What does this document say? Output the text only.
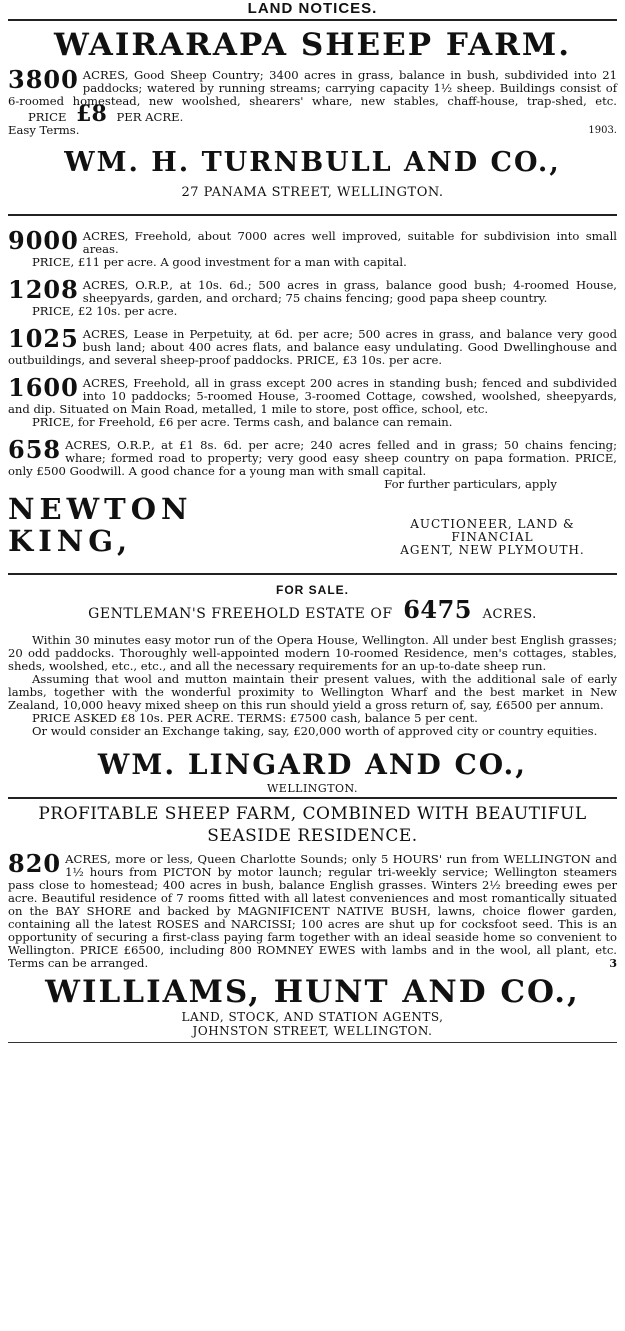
LAND NOTICES.
WAIRARAPA SHEEP FARM.
3800 ACRES, Good Sheep Country; 3400 acres in grass, balance in bush, subdivided into 21 paddocks; watered by running streams; carrying capacity 1½ sheep. Buildings consist of 6-roomed homestead, new woolshed, shearers' whare, new stables, chaff-house, trap-shed, etc. PRICE £8 PER ACRE.
Easy Terms.	1903.
WM. H. TURNBULL AND CO.,
27 PANAMA STREET, WELLINGTON.
9000 ACRES, Freehold, about 7000 acres well improved, suitable for subdivision into small areas.
PRICE, £11 per acre. A good investment for a man with capital.
1208 ACRES, O.R.P., at 10s. 6d.; 500 acres in grass, balance good bush; 4-roomed House, sheepyards, garden, and orchard; 75 chains fencing; good papa sheep country.
PRICE, £2 10s. per acre.
1025 ACRES, Lease in Perpetuity, at 6d. per acre; 500 acres in grass, and balance very good bush land; about 400 acres flats, and balance easy undulating. Good Dwellinghouse and outbuildings, and several sheep-proof paddocks. PRICE, £3 10s. per acre.
1600 ACRES, Freehold, all in grass except 200 acres in standing bush; fenced and subdivided into 10 paddocks; 5-roomed House, 3-roomed Cottage, cowshed, woolshed, sheepyards, and dip. Situated on Main Road, metalled, 1 mile to store, post office, school, etc.
PRICE, for Freehold, £6 per acre. Terms cash, and balance can remain.
658 ACRES, O.R.P., at £1 8s. 6d. per acre; 240 acres felled and in grass; 50 chains fencing; whare; formed road to property; very good easy sheep country on papa formation. PRICE, only £500 Goodwill. A good chance for a young man with small capital.
For further particulars, apply
NEWTON KING,	AUCTIONEER, LAND & FINANCIAL
AGENT, NEW PLYMOUTH.
FOR SALE.
GENTLEMAN'S FREEHOLD ESTATE OF 6475 ACRES.
Within 30 minutes easy motor run of the Opera House, Wellington. All under best English grasses; 20 odd paddocks. Thoroughly well-appointed modern 10-roomed Residence, men's cottages, stables, sheds, woolshed, etc., etc., and all the necessary requirements for an up-to-date sheep run.
Assuming that wool and mutton maintain their present values, with the additional sale of early lambs, together with the wonderful proximity to Wellington Wharf and the best market in New Zealand, 10,000 heavy mixed sheep on this run should yield a gross return of, say, £6500 per annum.
PRICE ASKED £8 10s. PER ACRE. TERMS: £7500 cash, balance 5 per cent.
Or would consider an Exchange taking, say, £20,000 worth of approved city or country equities.
WM. LINGARD AND CO.,
WELLINGTON.
PROFITABLE SHEEP FARM, COMBINED WITH BEAUTIFUL
SEASIDE RESIDENCE.
820 ACRES, more or less, Queen Charlotte Sounds; only 5 HOURS' run from WELLINGTON and 1½ hours from PICTON by motor launch; regular tri-weekly service; Wellington steamers pass close to homestead; 400 acres in bush, balance English grasses. Winters 2½ breeding ewes per acre. Beautiful residence of 7 rooms fitted with all latest conveniences and most romantically situated on the BAY SHORE and backed by MAGNIFICENT NATIVE BUSH, lawns, choice flower garden, containing all the latest ROSES and NARCISSI; 100 acres are shut up for cocksfoot seed. This is an opportunity of securing a first-class paying farm together with an ideal seaside home so convenient to Wellington. PRICE £6500, including 800 ROMNEY EWES with lambs and in the wool, all plant, etc. Terms can be arranged.	3
WILLIAMS, HUNT AND CO.,
LAND, STOCK, AND STATION AGENTS,
JOHNSTON STREET, WELLINGTON.
